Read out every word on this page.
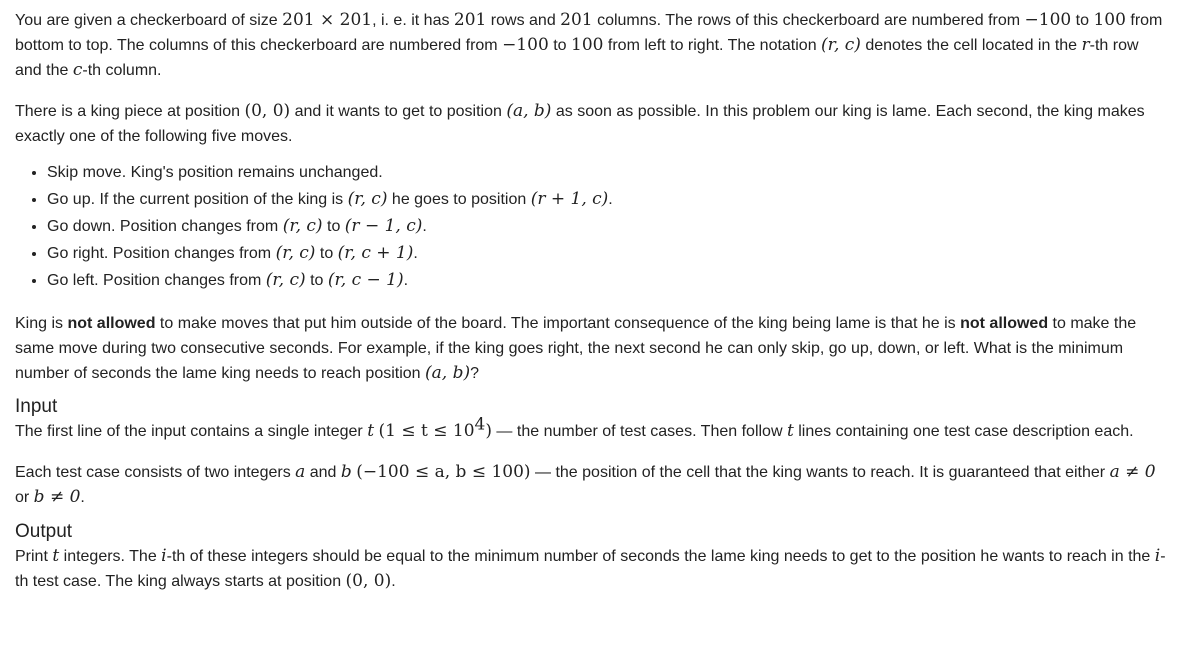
You are given a checkerboard of size 201 × 201, i. e. it has 201 rows and 201 columns. The rows of this checkerboard are numbered from −100 to 100 from bottom to top. The columns of this checkerboard are numbered from −100 to 100 from left to right. The notation (r, c) denotes the cell located in the r-th row and the c-th column.

There is a king piece at position (0, 0) and it wants to get to position (a, b) as soon as possible. In this problem our king is lame. Each second, the king makes exactly one of the following five moves.

• Skip move. King's position remains unchanged.
• Go up. If the current position of the king is (r, c) he goes to position (r + 1, c).
• Go down. Position changes from (r, c) to (r − 1, c).
• Go right. Position changes from (r, c) to (r, c + 1).
• Go left. Position changes from (r, c) to (r, c − 1).

King is not allowed to make moves that put him outside of the board. The important consequence of the king being lame is that he is not allowed to make the same move during two consecutive seconds. For example, if the king goes right, the next second he can only skip, go up, down, or left. What is the minimum number of seconds the lame king needs to reach position (a, b)?

Input

The first line of the input contains a single integer t $(1 \le t \le 10^4)$ — the number of test cases. Then follow t lines containing one test case description each.

Each test case consists of two integers a and b (−100 ≤ a, b ≤ 100) — the position of the cell that the king wants to reach. It is guaranteed that either a ≠ 0 or b ≠ 0.

Output

Print t integers. The i-th of these integers should be equal to the minimum number of seconds the lame king needs to get to the position he wants to reach in the i-th test case. The king always starts at position (0, 0).
